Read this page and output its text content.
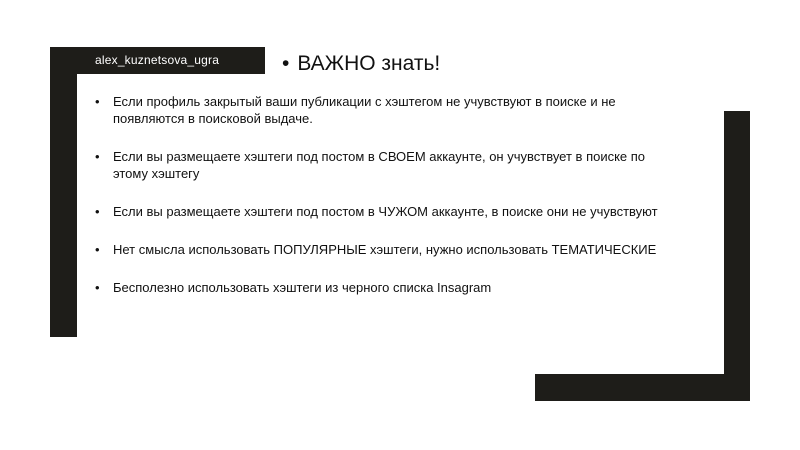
alex_kuznetsova_ugra	• ВАЖНО знать!
• Если профиль закрытый ваши публикации с хэштегом не учувствуют в поиске и не появляются в поисковой выдаче.
• Если вы размещаете хэштеги под постом в СВОЕМ аккаунте, он учувствует в поиске по этому хэштегу
• Если вы размещаете хэштеги под постом в ЧУЖОМ аккаунте, в поиске они не учувствуют
• Нет смысла использовать ПОПУЛЯРНЫЕ хэштеги, нужно использовать ТЕМАТИЧЕСКИЕ
• Бесполезно использовать хэштеги из черного списка Insagram
